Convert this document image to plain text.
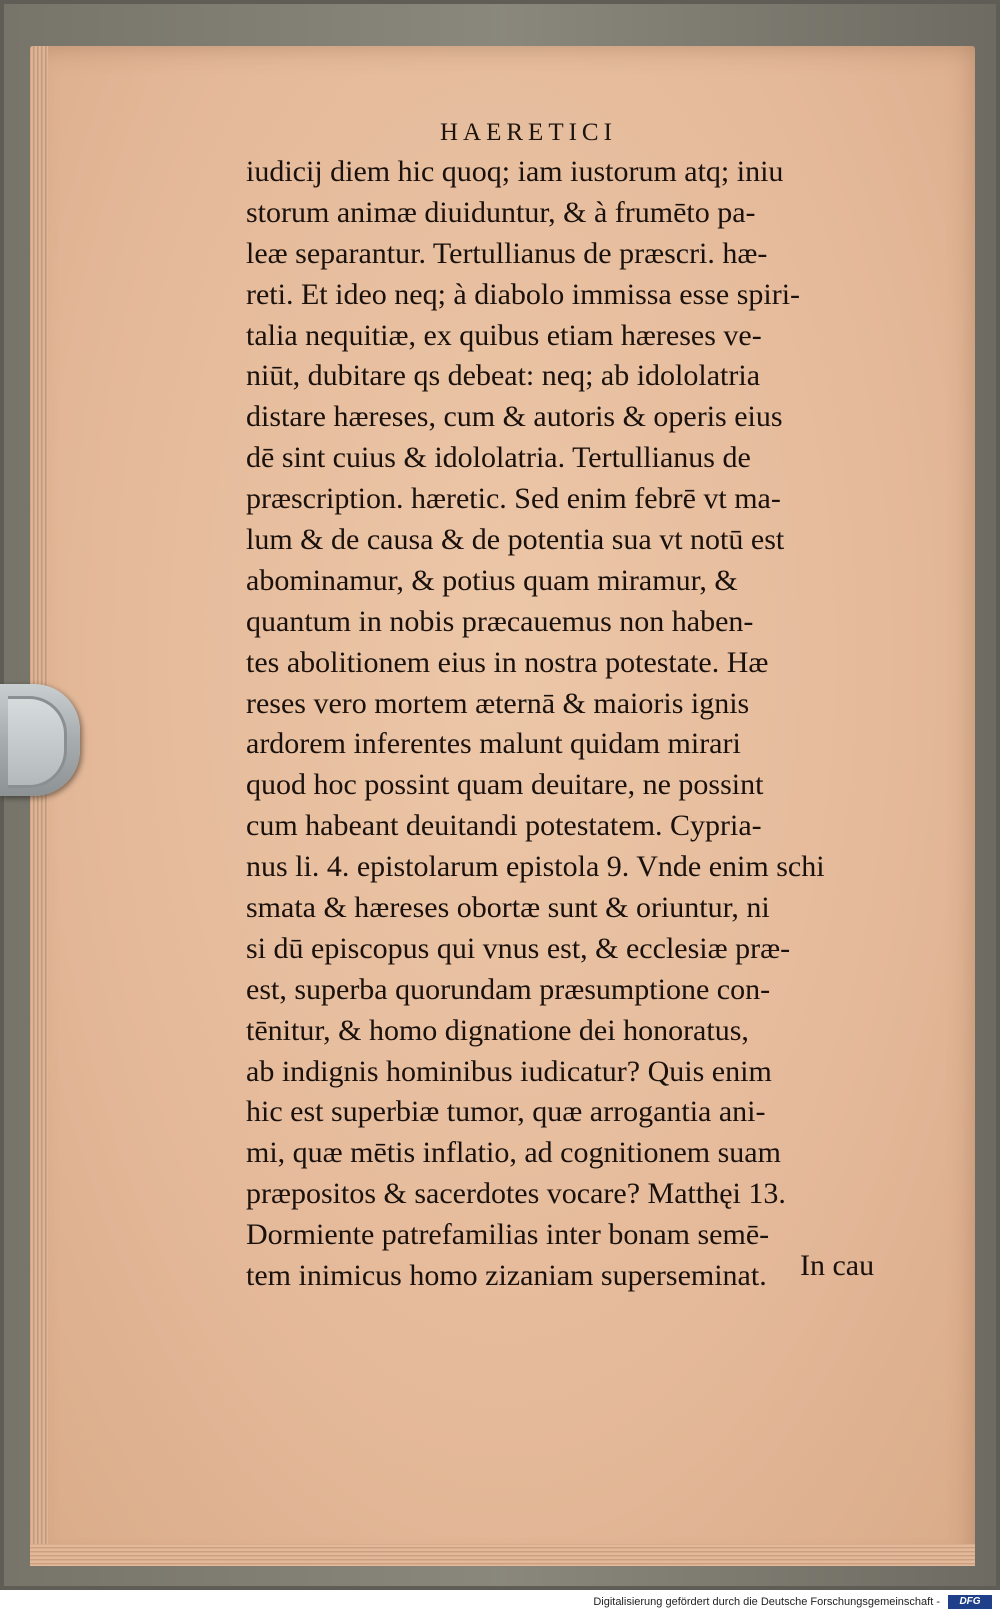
HAERETICI
iudicij diem hic quoq; iam iustorum atq; iniu
storum animæ diuiduntur, & à frumēto pa-
leæ separantur. Tertullianus de præscri. hæ-
reti. Et ideo neq; à diabolo immissa esse spiri-
talia nequitiæ, ex quibus etiam hæreses ve-
niūt, dubitare qs debeat: neq; ab idololatria
distare hæreses, cum & autoris & operis eius
dē sint cuius & idololatria. Tertullianus de
præscription. hæretic. Sed enim febrē vt ma-
lum & de causa & de potentia sua vt notū est
abominamur, & potius quam miramur, &
quantum in nobis præcauemus non haben-
tes abolitionem eius in nostra potestate. Hæ
reses vero mortem æternā & maioris ignis
ardorem inferentes malunt quidam mirari
quod hoc possint quam deuitare, ne possint
cum habeant deuitandi potestatem. Cypria-
nus li. 4. epistolarum epistola 9. Vnde enim schi
smata & hæreses obortæ sunt & oriuntur, ni
si dū episcopus qui vnus est, & ecclesiæ præ-
est, superba quorundam præsumptione con-
tēnitur, & homo dignatione dei honoratus,
ab indignis hominibus iudicatur? Quis enim
hic est superbiæ tumor, quæ arrogantia ani-
mi, quæ mētis inflatio, ad cognitionem suam
præpositos & sacerdotes vocare? Matthęi 13.
Dormiente patrefamilias inter bonam semē-
tem inimicus homo zizaniam superseminat.	In cau
Digitalisierung gefördert durch die Deutsche Forschungsgemeinschaft -	DFG
